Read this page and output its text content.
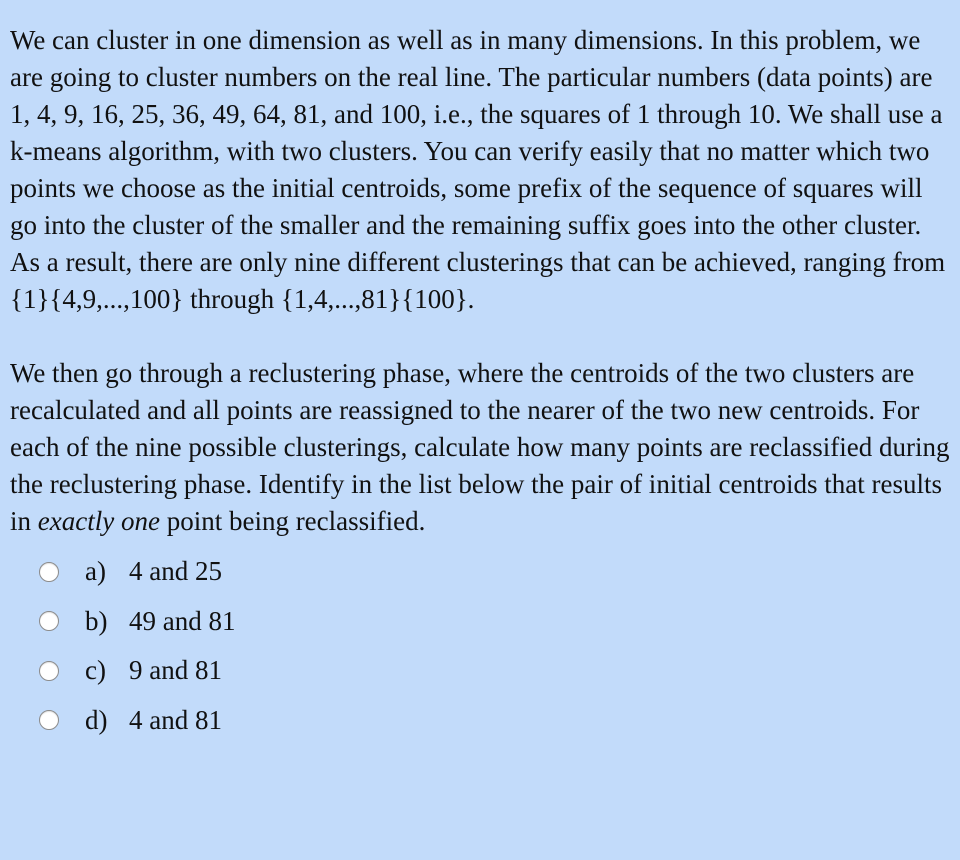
We can cluster in one dimension as well as in many dimensions. In this problem, we are going to cluster numbers on the real line. The particular numbers (data points) are 1, 4, 9, 16, 25, 36, 49, 64, 81, and 100, i.e., the squares of 1 through 10. We shall use a k-means algorithm, with two clusters. You can verify easily that no matter which two points we choose as the initial centroids, some prefix of the sequence of squares will go into the cluster of the smaller and the remaining suffix goes into the other cluster. As a result, there are only nine different clusterings that can be achieved, ranging from {1}{4,9,...,100} through {1,4,...,81}{100}.

We then go through a reclustering phase, where the centroids of the two clusters are recalculated and all points are reassigned to the nearer of the two new centroids. For each of the nine possible clusterings, calculate how many points are reclassified during the reclustering phase. Identify in the list below the pair of initial centroids that results in exactly one point being reclassified.

a) 4 and 25
b) 49 and 81
c) 9 and 81
d) 4 and 81
